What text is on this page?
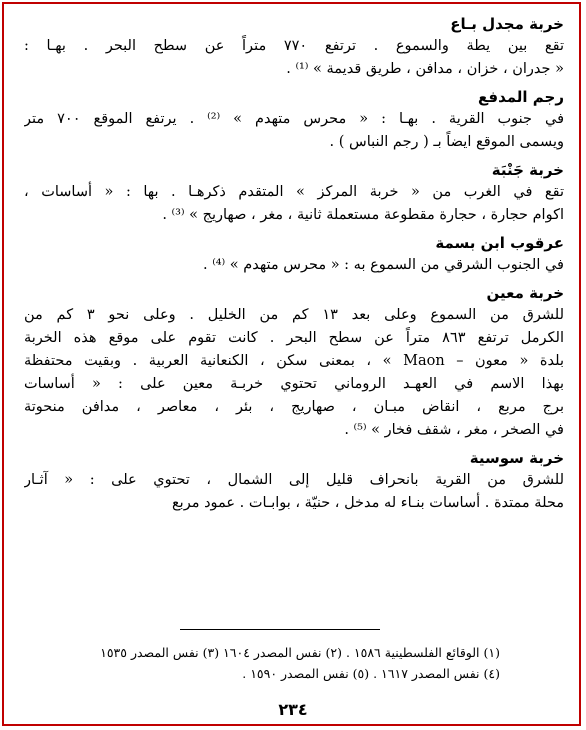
خربة مجدل بـاع
تقع بين يطة والسموع . ترتفع ٧٧٠ متراً عن سطح البحر . بهـا :
« جدران ، خزان ، مدافن ، طريق قديمة » ⁽¹⁾ .
رجم المدفع
في جنوب القرية . بهـا : « محرس متهدم » ⁽²⁾ . يرتفع الموقع ٧٠٠ متر
ويسمى الموقع ايضاً بـ ( رجم النباس ) .
خربة جَنْبَة
تقع في الغرب من « خربة المركز » المتقدم ذكرهـا . بها : « أساسات ،
اكوام حجارة ، حجارة مقطوعة مستعملة ثانية ، مغر ، صهاريج » ⁽³⁾ .
عرقوب ابن بسمة
في الجنوب الشرقي من السموع به : « محرس متهدم » ⁽⁴⁾ .
خربة معين
للشرق من السموع وعلى بعد ١٣ كم من الخليل . وعلى نحو ٣ كم من
الكرمل ترتفع ٨٦٣ متراً عن سطح البحر . كانت تقوم على موقع هذه الخربة
بلدة « معون – Maon » ، بمعنى سكن ، الكنعانية العربية . وبقيت محتفظة
بهذا الاسم في العهـد الروماني تحتوي خربـة معين على : « أساسات
برج مربع ، انقاض مبـان ، صهاريج ، بئر ، معاصر ، مدافن منحوتة
في الصخر ، مغر ، شقف فخار » ⁽⁵⁾ .
خربة سوسية
للشرق من القرية بانحراف قليل إلى الشمال ، تحتوي على : « آثـار
محلة ممتدة . أساسات بنـاء له مدخل ، حنيّة ، بوابـات . عمود مربع
(١) الوقائع الفلسطينية ١٥٨٦ . (٢) نفس المصدر ١٦٠٤ (٣) نفس المصدر ١٥٣٥
(٤) نفس المصدر ١٦١٧ . (٥) نفس المصدر ١٥٩٠ .
٢٣٤
